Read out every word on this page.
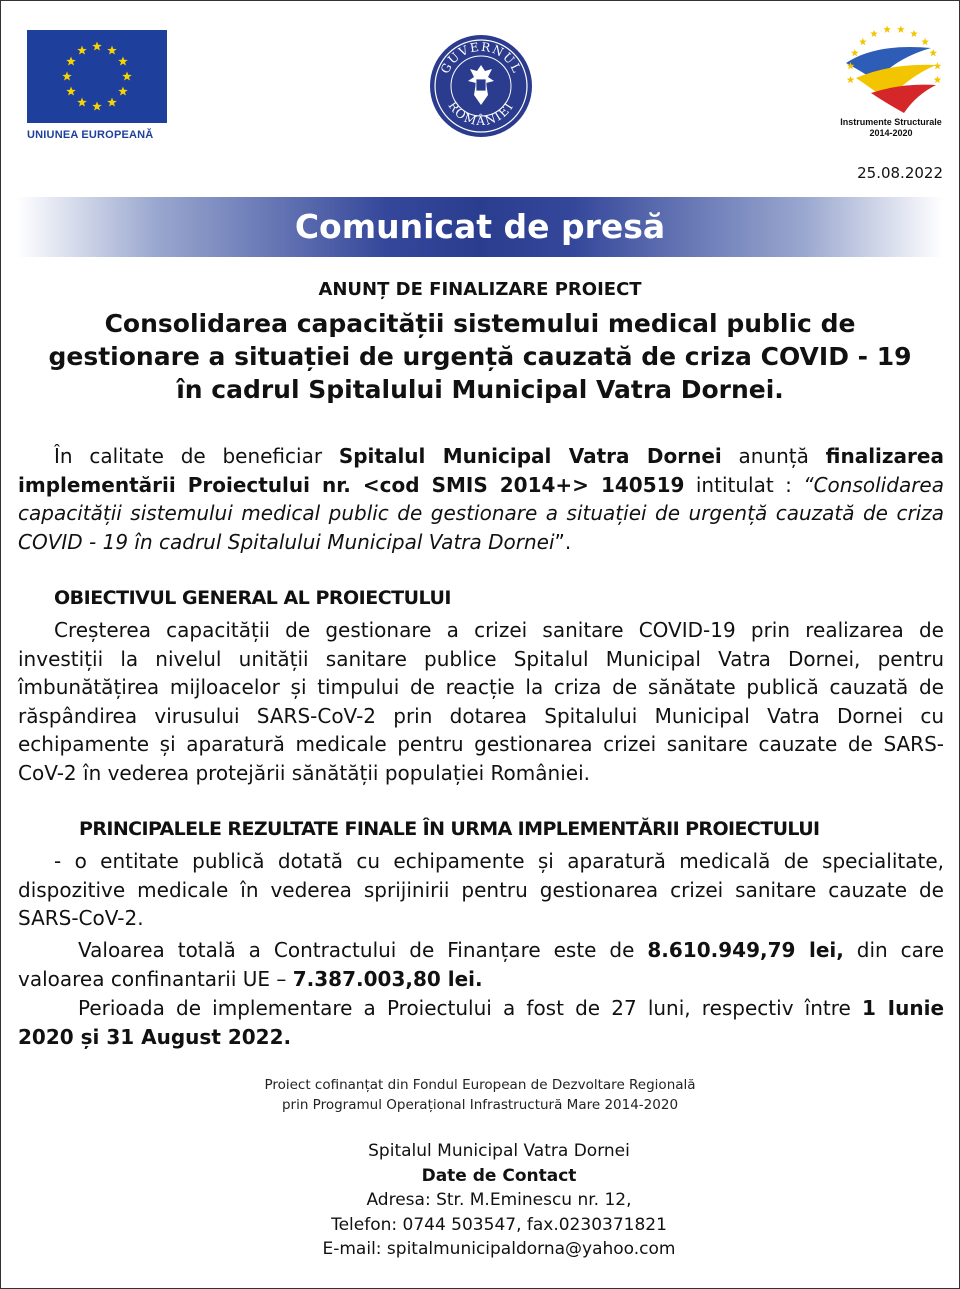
UNIUNEA EUROPEANĂ
GUVERNUL
ROMÂNIEI
Instrumente Structurale
2014-2020
25.08.2022
Comunicat de presă
ANUNȚ DE FINALIZARE PROIECT
Consolidarea capacității sistemului medical public de gestionare a situației de urgență cauzată de criza COVID - 19 în cadrul Spitalului Municipal Vatra Dornei.
În calitate de beneficiar Spitalul Municipal Vatra Dornei anunță finalizarea implementării Proiectului nr. <cod SMIS 2014+> 140519 intitulat : “Consolidarea capacității sistemului medical public de gestionare a situației de urgență cauzată de criza COVID - 19 în cadrul Spitalului Municipal Vatra Dornei”.
OBIECTIVUL GENERAL AL PROIECTULUI
Creșterea capacității de gestionare a crizei sanitare COVID-19 prin realizarea de investiții la nivelul unității sanitare publice Spitalul Municipal Vatra Dornei, pentru îmbunătățirea mijloacelor și timpului de reacție la criza de sănătate publică cauzată de răspândirea virusului SARS-CoV-2 prin dotarea Spitalului Municipal Vatra Dornei cu echipamente și aparatură medicale pentru gestionarea crizei sanitare cauzate de SARS-CoV-2 în vederea protejării sănătății populației României.
PRINCIPALELE REZULTATE FINALE ÎN URMA IMPLEMENTĂRII PROIECTULUI
- o entitate publică dotată cu echipamente și aparatură medicală de specialitate, dispozitive medicale în vederea sprijinirii pentru gestionarea crizei sanitare cauzate de SARS-CoV-2.
Valoarea totală a Contractului de Finanțare este de 8.610.949,79 lei, din care valoarea confinantarii UE – 7.387.003,80 lei.
Perioada de implementare a Proiectului a fost de 27 luni, respectiv între 1 Iunie 2020 și 31 August 2022.
Proiect cofinanțat din Fondul European de Dezvoltare Regională
prin Programul Operațional Infrastructură Mare 2014-2020
Spitalul Municipal Vatra Dornei
Date de Contact
Adresa: Str. M.Eminescu nr. 12,
Telefon: 0744 503547, fax.0230371821
E-mail: spitalmunicipaldorna@yahoo.com
